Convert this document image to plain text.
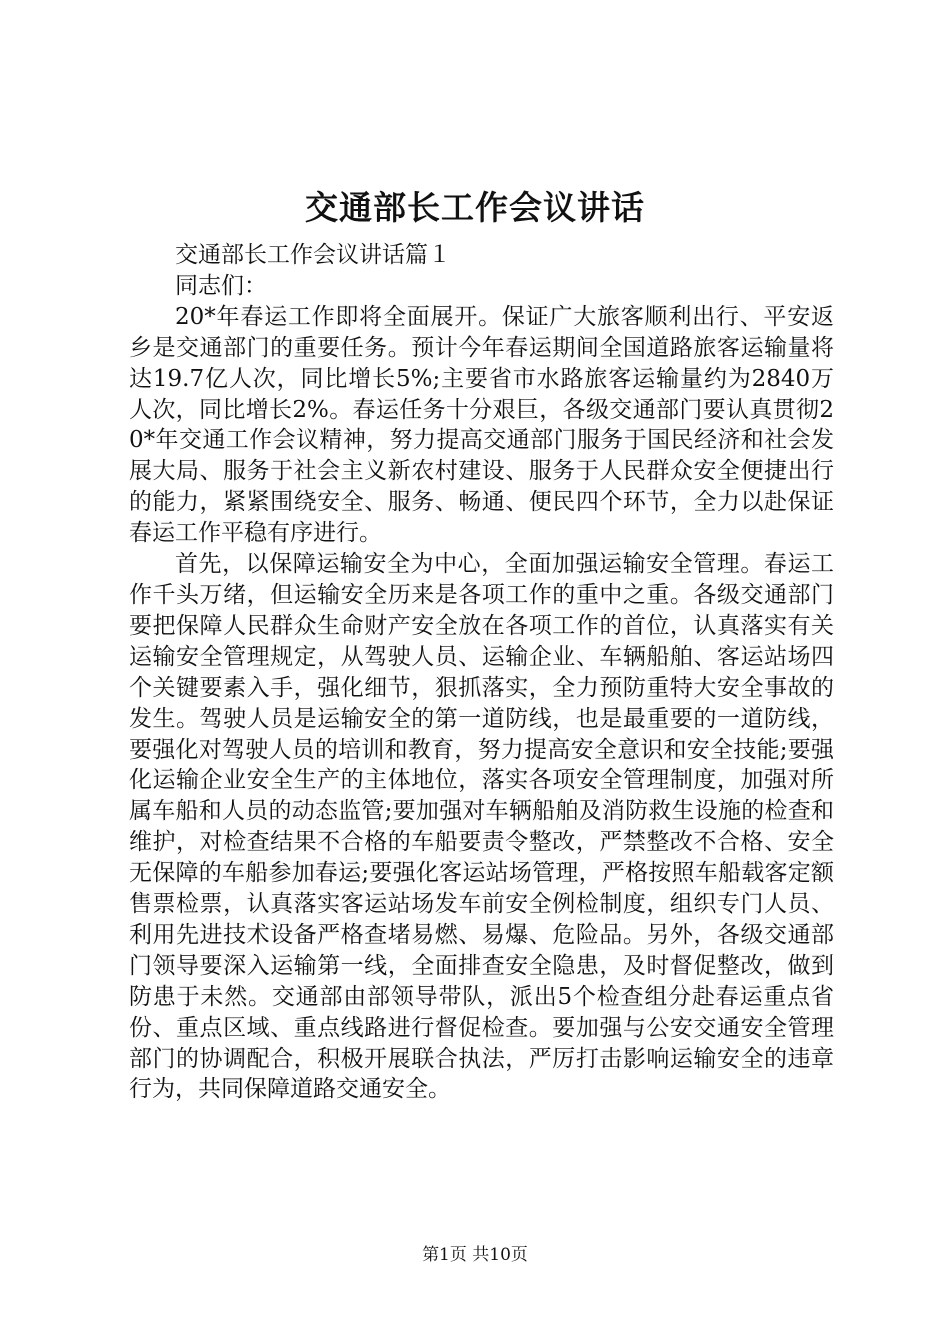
交通部长工作会议讲话

交通部长工作会议讲话篇１

同志们：

20*年春运工作即将全面展开。保证广大旅客顺利出行、平安返乡是交通部门的重要任务。预计今年春运期间全国道路旅客运输量将达19.7亿人次，同比增长5%;主要省市水路旅客运输量约为2840万人次，同比增长2%。春运任务十分艰巨，各级交通部门要认真贯彻20*年交通工作会议精神，努力提高交通部门服务于国民经济和社会发展大局、服务于社会主义新农村建设、服务于人民群众安全便捷出行的能力，紧紧围绕安全、服务、畅通、便民四个环节，全力以赴保证春运工作平稳有序进行。

首先，以保障运输安全为中心，全面加强运输安全管理。春运工作千头万绪，但运输安全历来是各项工作的重中之重。各级交通部门要把保障人民群众生命财产安全放在各项工作的首位，认真落实有关运输安全管理规定，从驾驶人员、运输企业、车辆船舶、客运站场四个关键要素入手，强化细节，狠抓落实，全力预防重特大安全事故的发生。驾驶人员是运输安全的第一道防线，也是最重要的一道防线，要强化对驾驶人员的培训和教育，努力提高安全意识和安全技能;要强化运输企业安全生产的主体地位，落实各项安全管理制度，加强对所属车船和人员的动态监管;要加强对车辆船舶及消防救生设施的检查和维护，对检查结果不合格的车船要责令整改，严禁整改不合格、安全无保障的车船参加春运;要强化客运站场管理，严格按照车船载客定额售票检票，认真落实客运站场发车前安全例检制度，组织专门人员、利用先进技术设备严格查堵易燃、易爆、危险品。另外，各级交通部门领导要深入运输第一线，全面排查安全隐患，及时督促整改，做到防患于未然。交通部由部领导带队，派出5个检查组分赴春运重点省份、重点区域、重点线路进行督促检查。要加强与公安交通安全管理部门的协调配合，积极开展联合执法，严厉打击影响运输安全的违章行为，共同保障道路交通安全。

第1页 共10页
